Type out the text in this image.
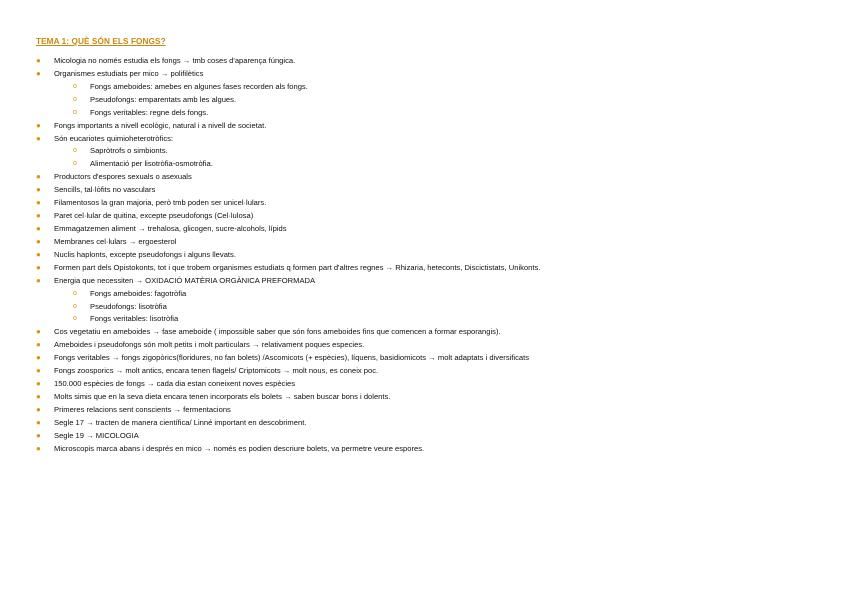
TEMA 1: QUÈ SÓN ELS FONGS?
● Micologia no només estudia els fongs → tmb coses d'aparença fúngica.
● Organismes estudiats per mico → polifilètics
o Fongs ameboides: amebes en algunes fases recorden als fongs.
o Pseudofongs: emparentats amb les algues.
o Fongs veritables: regne dels fongs.
● Fongs importants a nivell ecològic, natural i a nivell de societat.
● Són eucariotes quimioheterotròfics:
o Sapròtrofs o simbionts.
o Alimentació per lisotròfia-osmotròfia.
● Productors d'espores sexuals o asexuals
● Sencills, tal·lòfits no vasculars
● Filamentosos la gran majoria, però tmb poden ser unicel·lulars.
● Paret cel·lular de quitina, excepte pseudofongs (Cel·lulosa)
● Emmagatzemen aliment → trehalosa, glicogen, sucre-alcohols, lípids
● Membranes cel·lulars → ergoesterol
● Nuclis haplonts, excepte pseudofongs i alguns llevats.
● Formen part dels Opistokonts, tot i que trobem organismes estudiats q formen part d'altres regnes → Rhizaria, heteconts, Discictistats, Unikonts.
● Energia que necessiten → OXIDACIÓ MATÈRIA ORGÀNICA PREFORMADA
o Fongs ameboides: fagotròfia
o Pseudofongs: lisotròfia
o Fongs veritables: lisotròfia
● Cos vegetatiu en ameboides → fase ameboide ( impossible saber que són fons ameboides fins que comencen a formar esporangis).
● Ameboides i pseudofongs són molt petits i molt particulars → relativament poques especies.
● Fongs veritables → fongs zigopòrics(floridures, no fan bolets) /Ascomicots (+ espècies), líquens, basidiomicots → molt adaptats i diversificats
● Fongs zoosporics → molt antics, encara tenen flagels/ Criptomicots → molt nous, es coneix poc.
● 150.000 espècies de fongs → cada dia estan coneixent noves espècies
● Molts simis que en la seva dieta encara tenen incorporats els bolets → saben buscar bons i dolents.
● Primeres relacions sent conscients → fermentacions
● Segle 17 → tracten de manera científica/ Linné important en descobriment.
● Segle 19 → MICOLOGIA
● Microscopis marca abans i després en mico → només es podien descriure bolets, va permetre veure espores.
